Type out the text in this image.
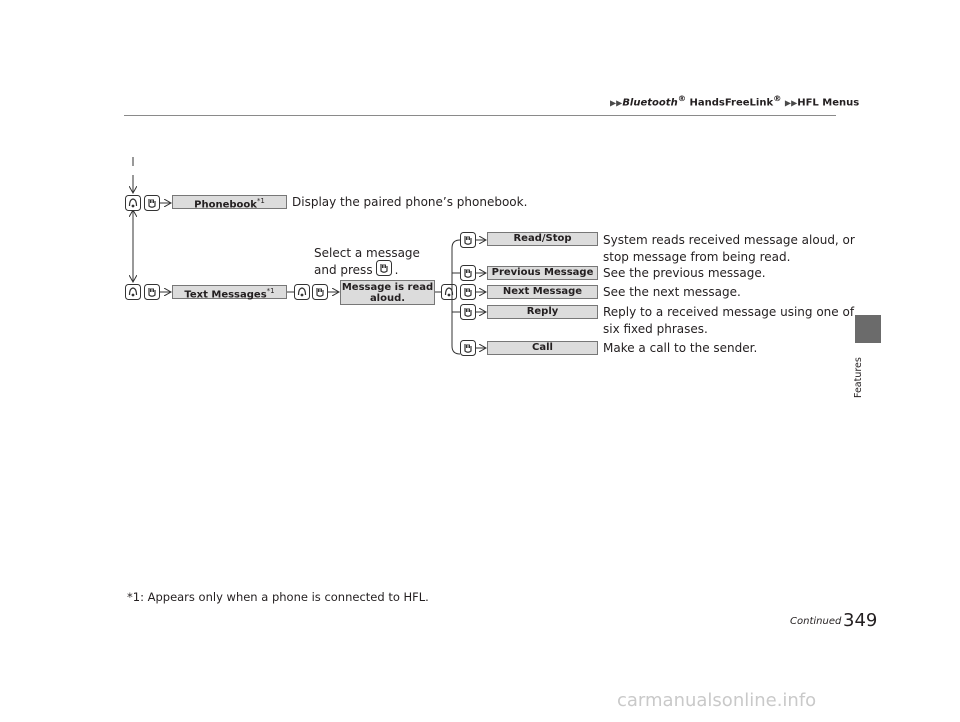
▶▶Bluetooth® HandsFreeLink® ▶▶HFL Menus
Features
Phonebook$^{*1}$	Display the paired phone’s phonebook.
Text Messages$^{*1}$
Select a message
and press .
Message is read
aloud.
Read/Stop	System reads received message aloud, or
stop message from being read.
Previous Message See the previous message.
Next Message	See the next message.
Reply	Reply to a received message using one of
six fixed phrases.
Call	Make a call to the sender.
*1: Appears only when a phone is connected to HFL.
Continued 349
carmanualsonline.info
